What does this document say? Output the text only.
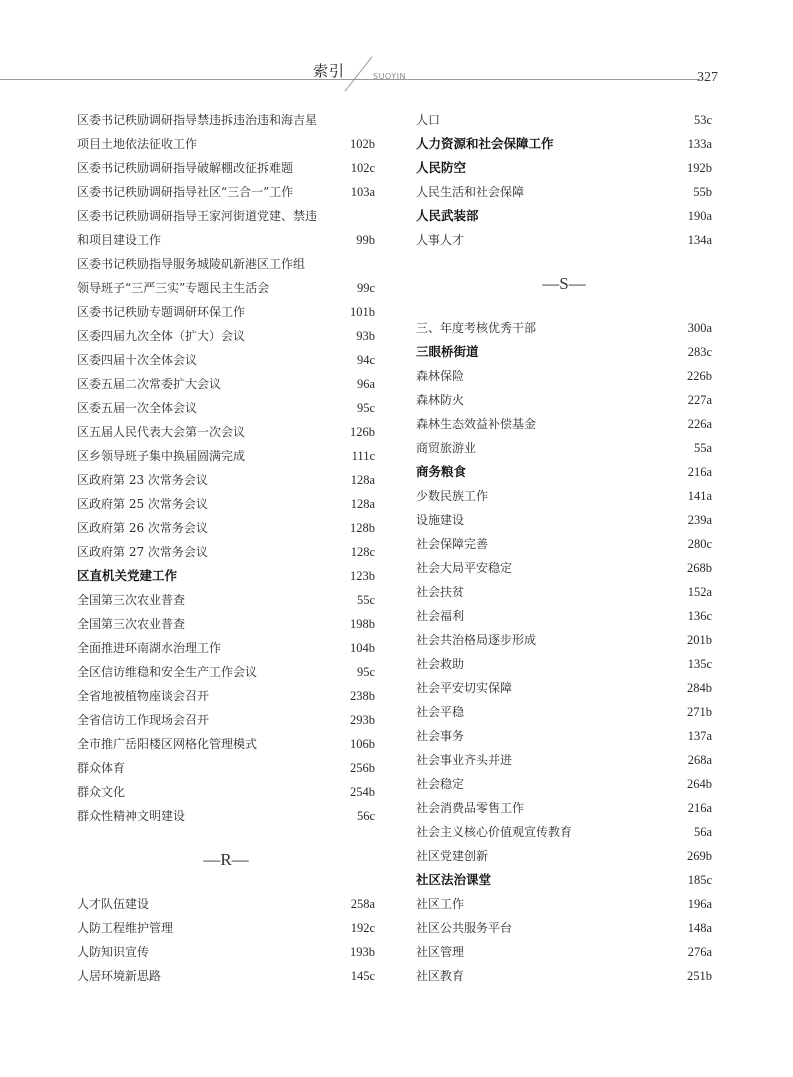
索引	SUOYIN	327
区委书记秩励调研指导禁违拆违治违和海吉星
项目土地依法征收工作	102b
区委书记秩励调研指导破解棚改征拆难题	102c
区委书记秩励调研指导社区“三合一”工作	103a
区委书记秩励调研指导王家河街道党建、禁违
和项目建设工作	99b
区委书记秩励指导服务城陵矶新港区工作组
领导班子“三严三实”专题民主生活会	99c
区委书记秩励专题调研环保工作	101b
区委四届九次全体（扩大）会议	93b
区委四届十次全体会议	94c
区委五届二次常委扩大会议	96a
区委五届一次全体会议	95c
区五届人民代表大会第一次会议	126b
区乡领导班子集中换届圆满完成	111c
区政府第 23 次常务会议	128a
区政府第 25 次常务会议	128a
区政府第 26 次常务会议	128b
区政府第 27 次常务会议	128c
区直机关党建工作	123b
全国第三次农业普查	55c
全国第三次农业普查	198b
全面推进环南湖水治理工作	104b
全区信访维稳和安全生产工作会议	95c
全省地被植物座谈会召开	238b
全省信访工作现场会召开	293b
全市推广岳阳楼区网格化管理模式	106b
群众体育	256b
群众文化	254b
群众性精神文明建设	56c
—R—
人才队伍建设	258a
人防工程维护管理	192c
人防知识宣传	193b
人居环境新思路	145c
人口	53c
人力资源和社会保障工作	133a
人民防空	192b
人民生活和社会保障	55b
人民武装部	190a
人事人才	134a
—S—
三、年度考核优秀干部	300a
三眼桥街道	283c
森林保险	226b
森林防火	227a
森林生态效益补偿基金	226a
商贸旅游业	55a
商务粮食	216a
少数民族工作	141a
设施建设	239a
社会保障完善	280c
社会大局平安稳定	268b
社会扶贫	152a
社会福利	136c
社会共治格局逐步形成	201b
社会救助	135c
社会平安切实保障	284b
社会平稳	271b
社会事务	137a
社会事业齐头并进	268a
社会稳定	264b
社会消费品零售工作	216a
社会主义核心价值观宣传教育	56a
社区党建创新	269b
社区法治课堂	185c
社区工作	196a
社区公共服务平台	148a
社区管理	276a
社区教育	251b
